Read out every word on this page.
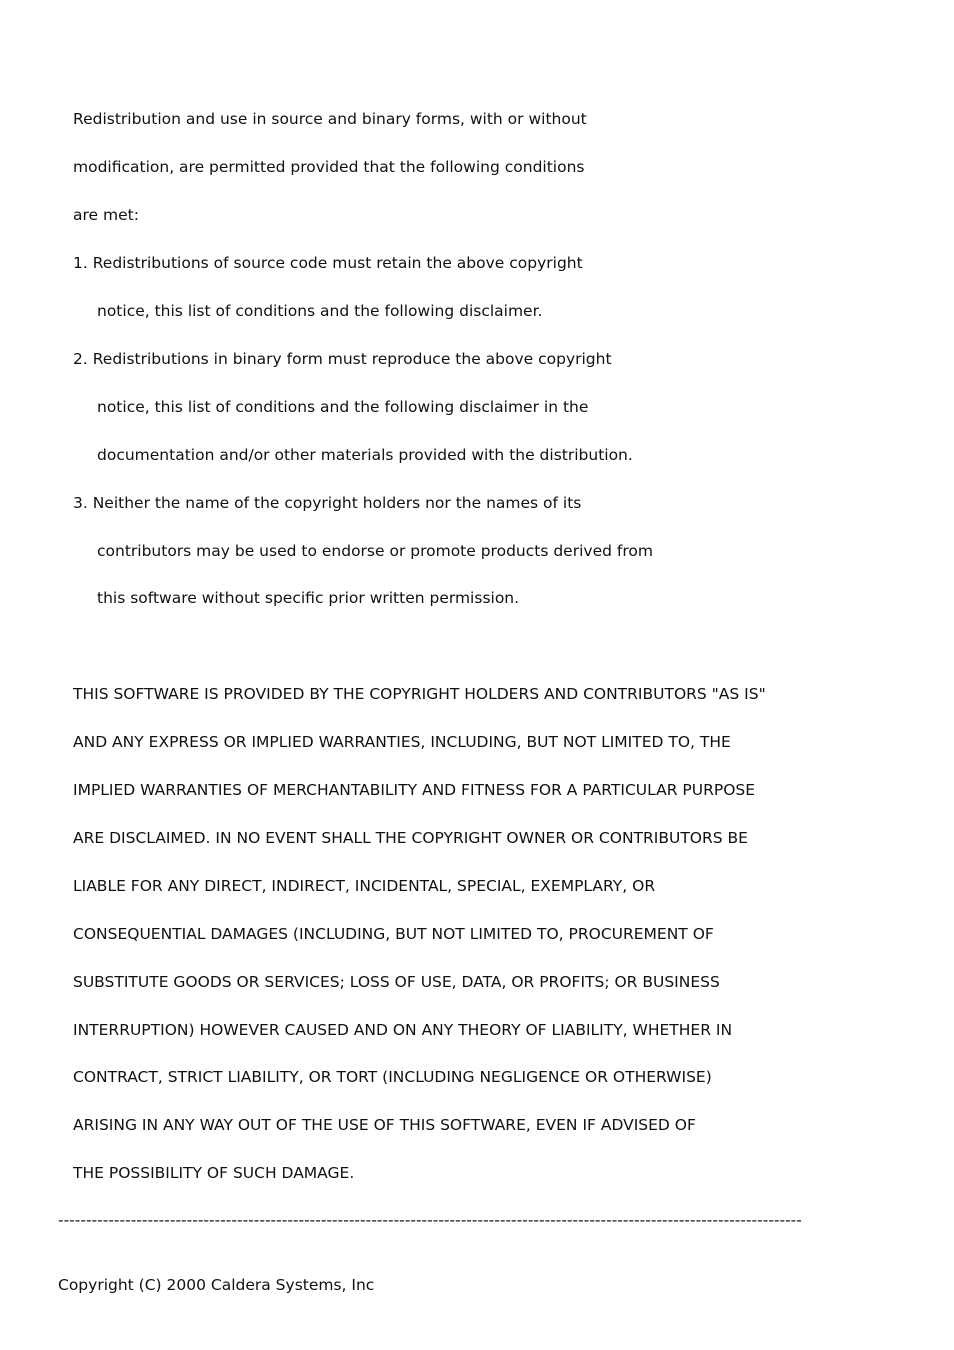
Redistribution and use in source and binary forms, with or without

modification, are permitted provided that the following conditions

are met:

1. Redistributions of source code must retain the above copyright

notice, this list of conditions and the following disclaimer.

2. Redistributions in binary form must reproduce the above copyright

notice, this list of conditions and the following disclaimer in the

documentation and/or other materials provided with the distribution.

3. Neither the name of the copyright holders nor the names of its

contributors may be used to endorse or promote products derived from

this software without specific prior written permission.

THIS SOFTWARE IS PROVIDED BY THE COPYRIGHT HOLDERS AND CONTRIBUTORS "AS IS"

AND ANY EXPRESS OR IMPLIED WARRANTIES, INCLUDING, BUT NOT LIMITED TO, THE

IMPLIED WARRANTIES OF MERCHANTABILITY AND FITNESS FOR A PARTICULAR PURPOSE

ARE DISCLAIMED. IN NO EVENT SHALL THE COPYRIGHT OWNER OR CONTRIBUTORS BE

LIABLE FOR ANY DIRECT, INDIRECT, INCIDENTAL, SPECIAL, EXEMPLARY, OR

CONSEQUENTIAL DAMAGES (INCLUDING, BUT NOT LIMITED TO, PROCUREMENT OF

SUBSTITUTE GOODS OR SERVICES; LOSS OF USE, DATA, OR PROFITS; OR BUSINESS

INTERRUPTION) HOWEVER CAUSED AND ON ANY THEORY OF LIABILITY, WHETHER IN

CONTRACT, STRICT LIABILITY, OR TORT (INCLUDING NEGLIGENCE OR OTHERWISE)

ARISING IN ANY WAY OUT OF THE USE OF THIS SOFTWARE, EVEN IF ADVISED OF

THE POSSIBILITY OF SUCH DAMAGE.

-------------------------------------------------------------------------------------------------------------------------------------

Copyright (C) 2000 Caldera Systems, Inc
